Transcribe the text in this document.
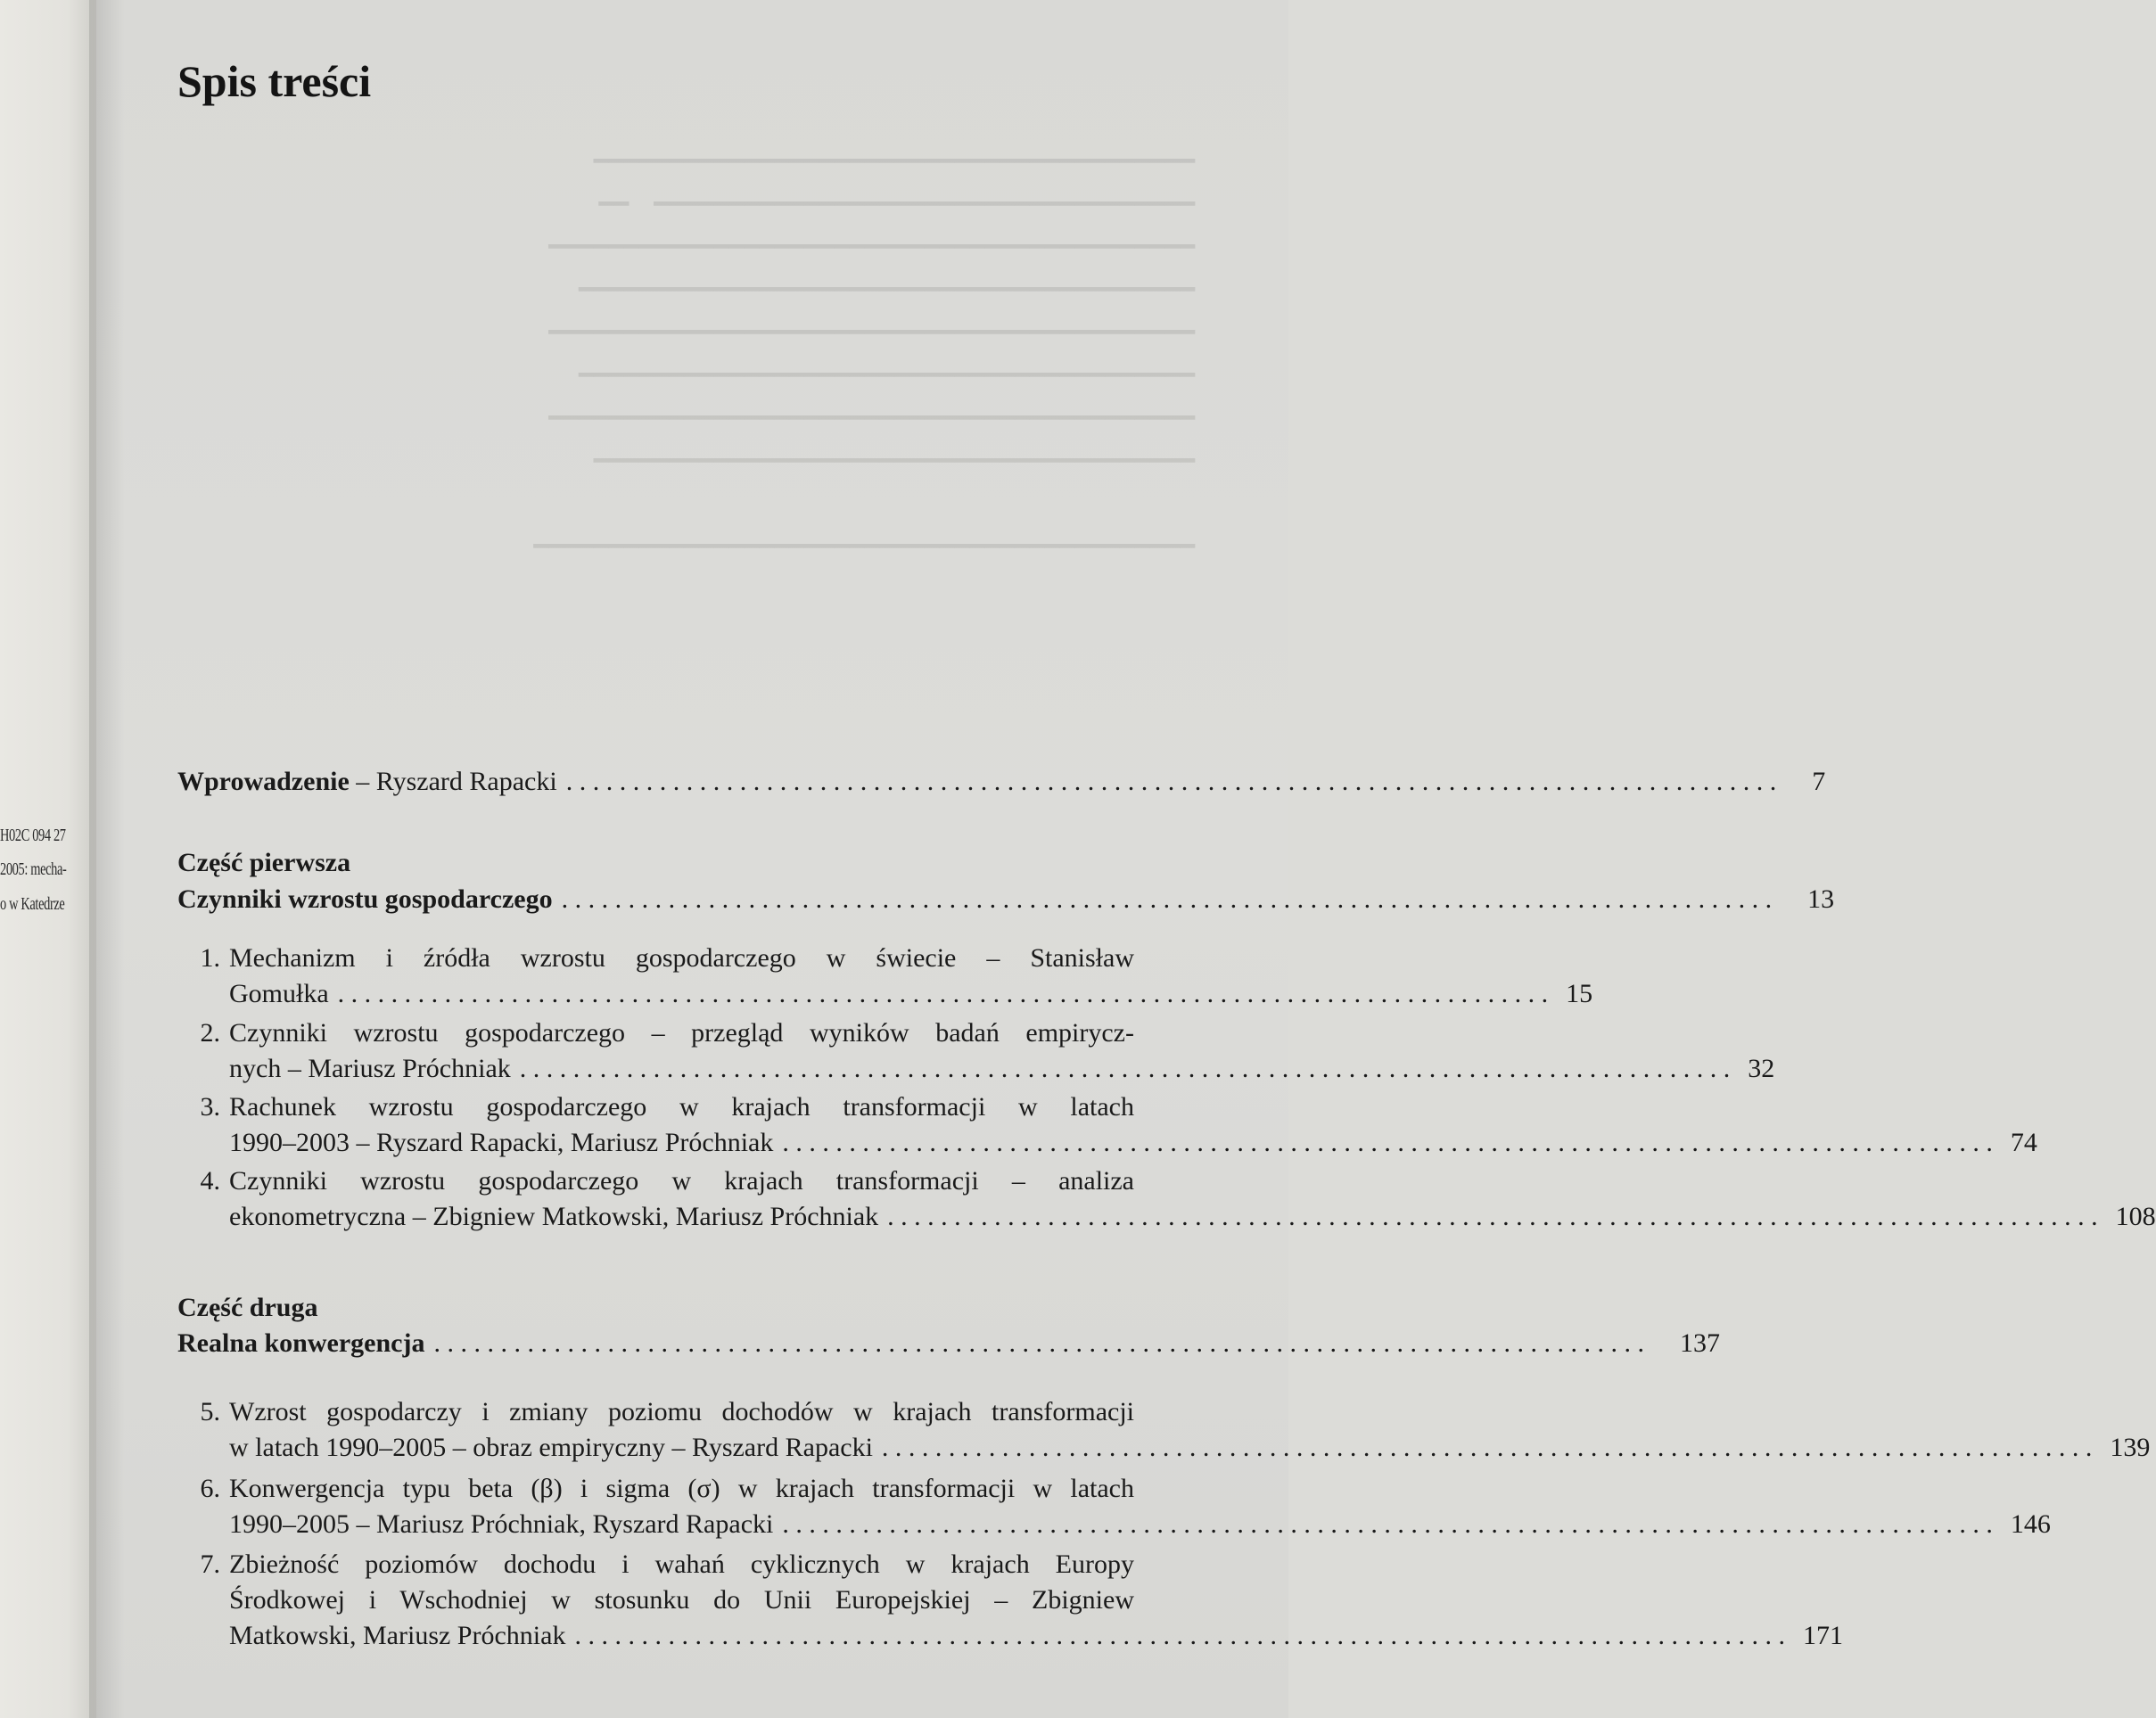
H02C 094 27
2005: mecha-
o w Katedrze

Spis treści
Wprowadzenie – Ryszard Rapacki . . .	7
Część pierwsza
Czynniki wzrostu gospodarczego . . .	13
1. Mechanizm i źródła wzrostu gospodarczego w świecie – Stanisław
Gomułka . . .	15
2. Czynniki wzrostu gospodarczego – przegląd wyników badań empirycz-
nych – Mariusz Próchniak . . .	32
3. Rachunek wzrostu gospodarczego w krajach transformacji w latach
1990–2003 – Ryszard Rapacki, Mariusz Próchniak . . .	74
4. Czynniki wzrostu gospodarczego w krajach transformacji – analiza
ekonometryczna – Zbigniew Matkowski, Mariusz Próchniak . . .	108
Część druga
Realna konwergencja . . .	137
5. Wzrost gospodarczy i zmiany poziomu dochodów w krajach transformacji
w latach 1990–2005 – obraz empiryczny – Ryszard Rapacki . . .	139
6. Konwergencja typu beta (β) i sigma (σ) w krajach transformacji w latach
1990–2005 – Mariusz Próchniak, Ryszard Rapacki . . .	146
7. Zbieżność poziomów dochodu i wahań cyklicznych w krajach Europy
Środkowej i Wschodniej w stosunku do Unii Europejskiej – Zbigniew
Matkowski, Mariusz Próchniak . . .	171
